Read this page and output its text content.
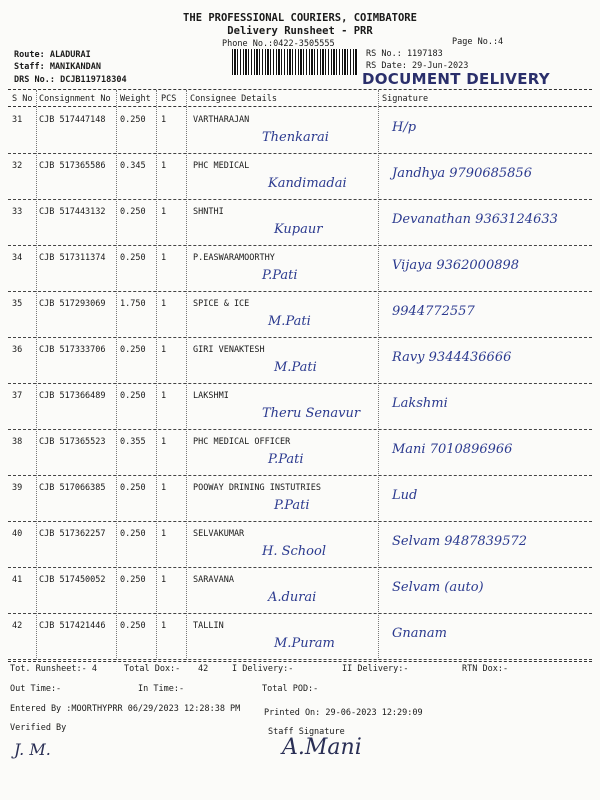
THE PROFESSIONAL COURIERS, COIMBATORE
Delivery Runsheet - PRR
Phone No.:0422-3505555	Page No.:4
Route: ALADURAI
Staff: MANIKANDAN
DRS No.: DCJB119718304
RS No.: 1197183
RS Date: 29-Jun-2023
DOCUMENT DELIVERY
S No Consignment No Weight PCS Consignee Details	Signature
31 CJB 517447148 0.250 1	VARTHARAJAN
Thenkarai
H/p
32 CJB 517365586 0.345 1	PHC MEDICAL
Kandimadai
Jandhya 9790685856
33 CJB 517443132 0.250 1	SHNTHI
Kupaur
Devanathan 9363124633
34 CJB 517311374 0.250 1	P.EASWARAMOORTHY
P.Pati
Vijaya 9362000898
35 CJB 517293069 1.750 1	SPICE & ICE
M.Pati
9944772557
36 CJB 517333706 0.250 1	GIRI VENAKTESH
M.Pati
Ravy 9344436666
37 CJB 517366489 0.250 1	LAKSHMI
Theru Senavur
Lakshmi
38 CJB 517365523 0.355 1	PHC MEDICAL OFFICER
P.Pati
Mani 7010896966
39 CJB 517066385 0.250 1	POOWAY DRINING INSTUTRIES
P.Pati
Lud
40 CJB 517362257 0.250 1	SELVAKUMAR
H. School
Selvam 9487839572
41 CJB 517450052 0.250 1	SARAVANA
A.durai
Selvam (auto)
42 CJB 517421446 0.250 1	TALLIN
M.Puram
Gnanam
Tot. Runsheet:- 4	Total Dox:- 42	I Delivery:-	II Delivery:-	RTN Dox:-
Out Time:-	In Time:-	Total POD:-
Entered By :MOORTHYPRR 06/29/2023 12:28:38 PM	Printed On: 29-06-2023 12:29:09
Verified By	Staff Signature
J. M.	A.Mani
